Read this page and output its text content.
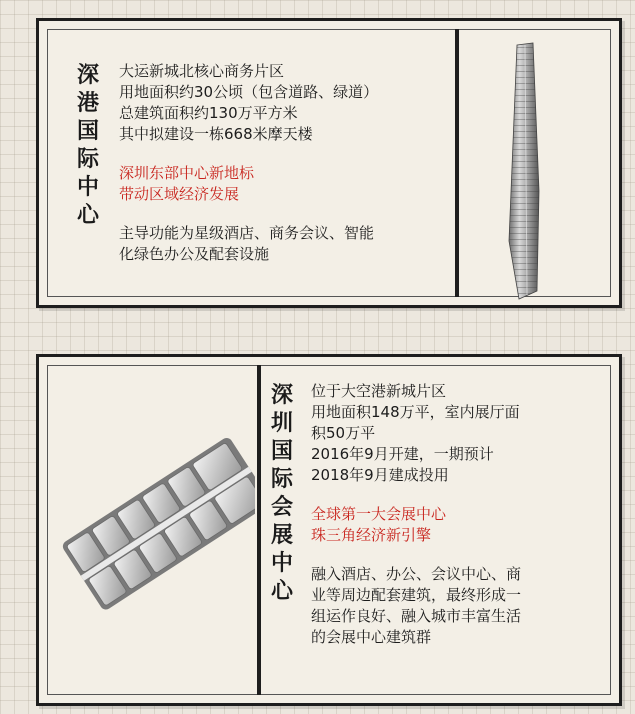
深港国际中心

大运新城北核心商务片区

用地面积约30公顷（包含道路、绿道）

总建筑面积约130万平方米

其中拟建设一栋668米摩天楼

深圳东部中心新地标

带动区域经济发展

主导功能为星级酒店、商务会议、智能

化绿色办公及配套设施

深圳国际会展中心

位于大空港新城片区

用地面积148万平，室内展厅面

积50万平

2016年9月开建，一期预计

2018年9月建成投用

全球第一大会展中心

珠三角经济新引擎

融入酒店、办公、会议中心、商

业等周边配套建筑，最终形成一

组运作良好、融入城市丰富生活

的会展中心建筑群
